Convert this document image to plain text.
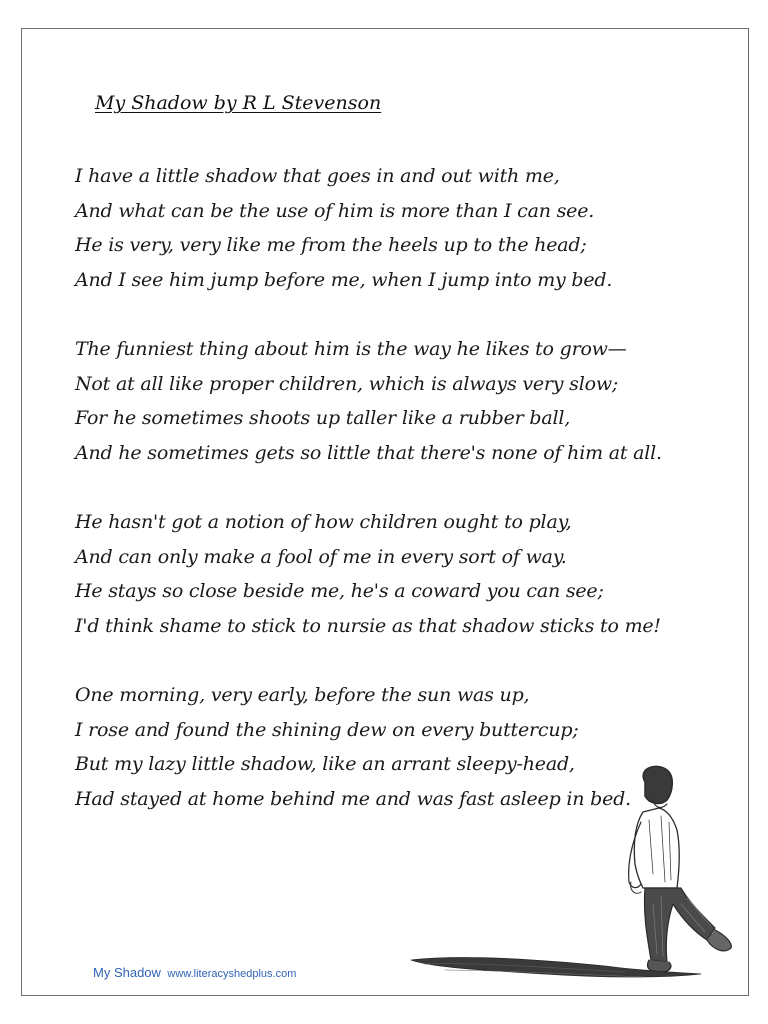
My Shadow by R L Stevenson
I have a little shadow that goes in and out with me,
And what can be the use of him is more than I can see.
He is very, very like me from the heels up to the head;
And I see him jump before me, when I jump into my bed.
The funniest thing about him is the way he likes to grow—
Not at all like proper children, which is always very slow;
For he sometimes shoots up taller like a rubber ball,
And he sometimes gets so little that there's none of him at all.
He hasn't got a notion of how children ought to play,
And can only make a fool of me in every sort of way.
He stays so close beside me, he's a coward you can see;
I'd think shame to stick to nursie as that shadow sticks to me!
One morning, very early, before the sun was up,
I rose and found the shining dew on every buttercup;
But my lazy little shadow, like an arrant sleepy-head,
Had stayed at home behind me and was fast asleep in bed.
My Shadow www.literacyshedplus.com
